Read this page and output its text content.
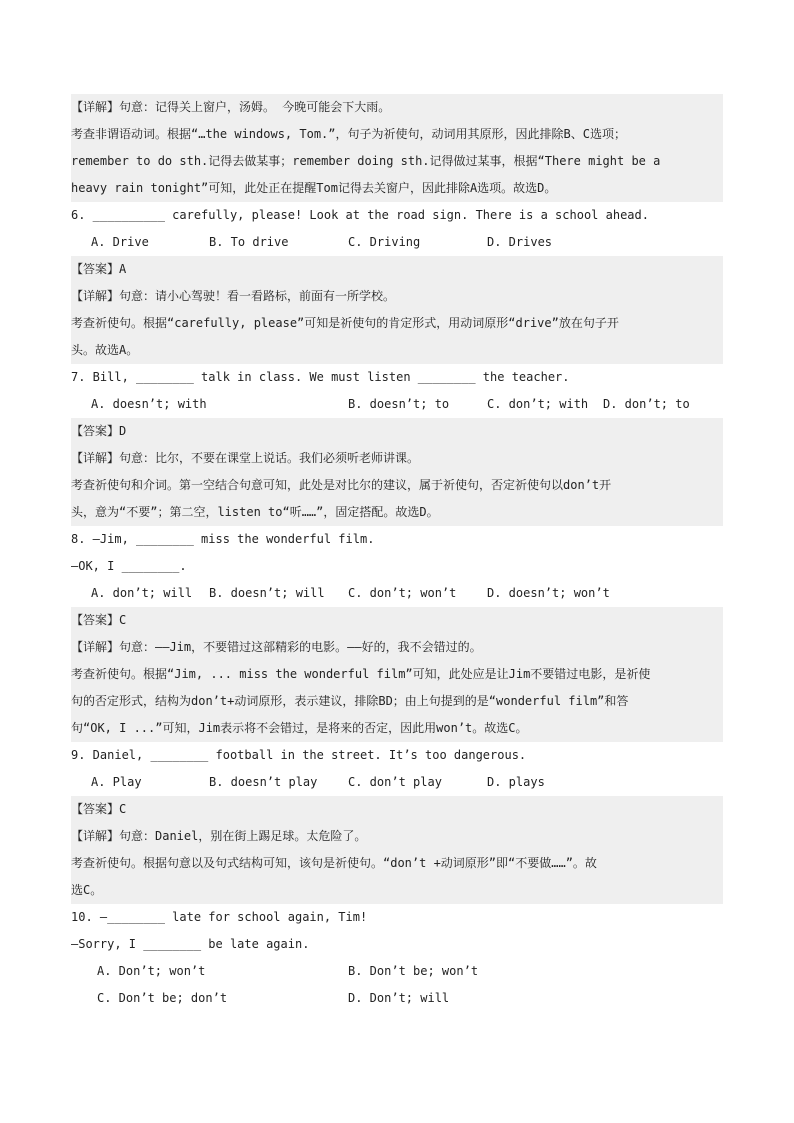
【详解】句意：记得关上窗户，汤姆。 今晚可能会下大雨。
考查非谓语动词。根据“…the windows, Tom.”，句子为祈使句，动词用其原形，因此排除B、C选项；
remember to do sth.记得去做某事；remember doing sth.记得做过某事，根据“There might be a
heavy rain tonight”可知，此处正在提醒Tom记得去关窗户，因此排除A选项。故选D。
6. __________ carefully, please! Look at the road sign. There is a school ahead.
A. Drive	B. To drive	C. Driving	D. Drives
【答案】A
【详解】句意：请小心驾驶！看一看路标，前面有一所学校。
考查祈使句。根据“carefully, please”可知是祈使句的肯定形式，用动词原形“drive”放在句子开
头。故选A。
7. Bill, ________ talk in class. We must listen ________ the teacher.
A. doesn’t; with	B. doesn’t; to	C. don’t; with D. don’t; to
【答案】D
【详解】句意：比尔，不要在课堂上说话。我们必须听老师讲课。
考查祈使句和介词。第一空结合句意可知，此处是对比尔的建议，属于祈使句，否定祈使句以don’t开
头，意为“不要”；第二空，listen to“听……”，固定搭配。故选D。
8. —Jim, ________ miss the wonderful film.
—OK, I ________.
A. don’t; will B. doesn’t; will C. don’t; won’t	D. doesn’t; won’t
【答案】C
【详解】句意：——Jim，不要错过这部精彩的电影。——好的，我不会错过的。
考查祈使句。根据“Jim, ... miss the wonderful film”可知，此处应是让Jim不要错过电影，是祈使
句的否定形式，结构为don’t+动词原形，表示建议，排除BD；由上句提到的是“wonderful film”和答
句“OK, I ...”可知，Jim表示将不会错过，是将来的否定，因此用won’t。故选C。
9. Daniel, ________ football in the street. It’s too dangerous.
A. Play	B. doesn’t play	C. don’t play	D. plays
【答案】C
【详解】句意：Daniel，别在街上踢足球。太危险了。
考查祈使句。根据句意以及句式结构可知，该句是祈使句。“don’t +动词原形”即“不要做……”。故
选C。
10. —________ late for school again, Tim!
—Sorry, I ________ be late again.
A. Don’t; won’t	B. Don’t be; won’t
C. Don’t be; don’t	D. Don’t; will
